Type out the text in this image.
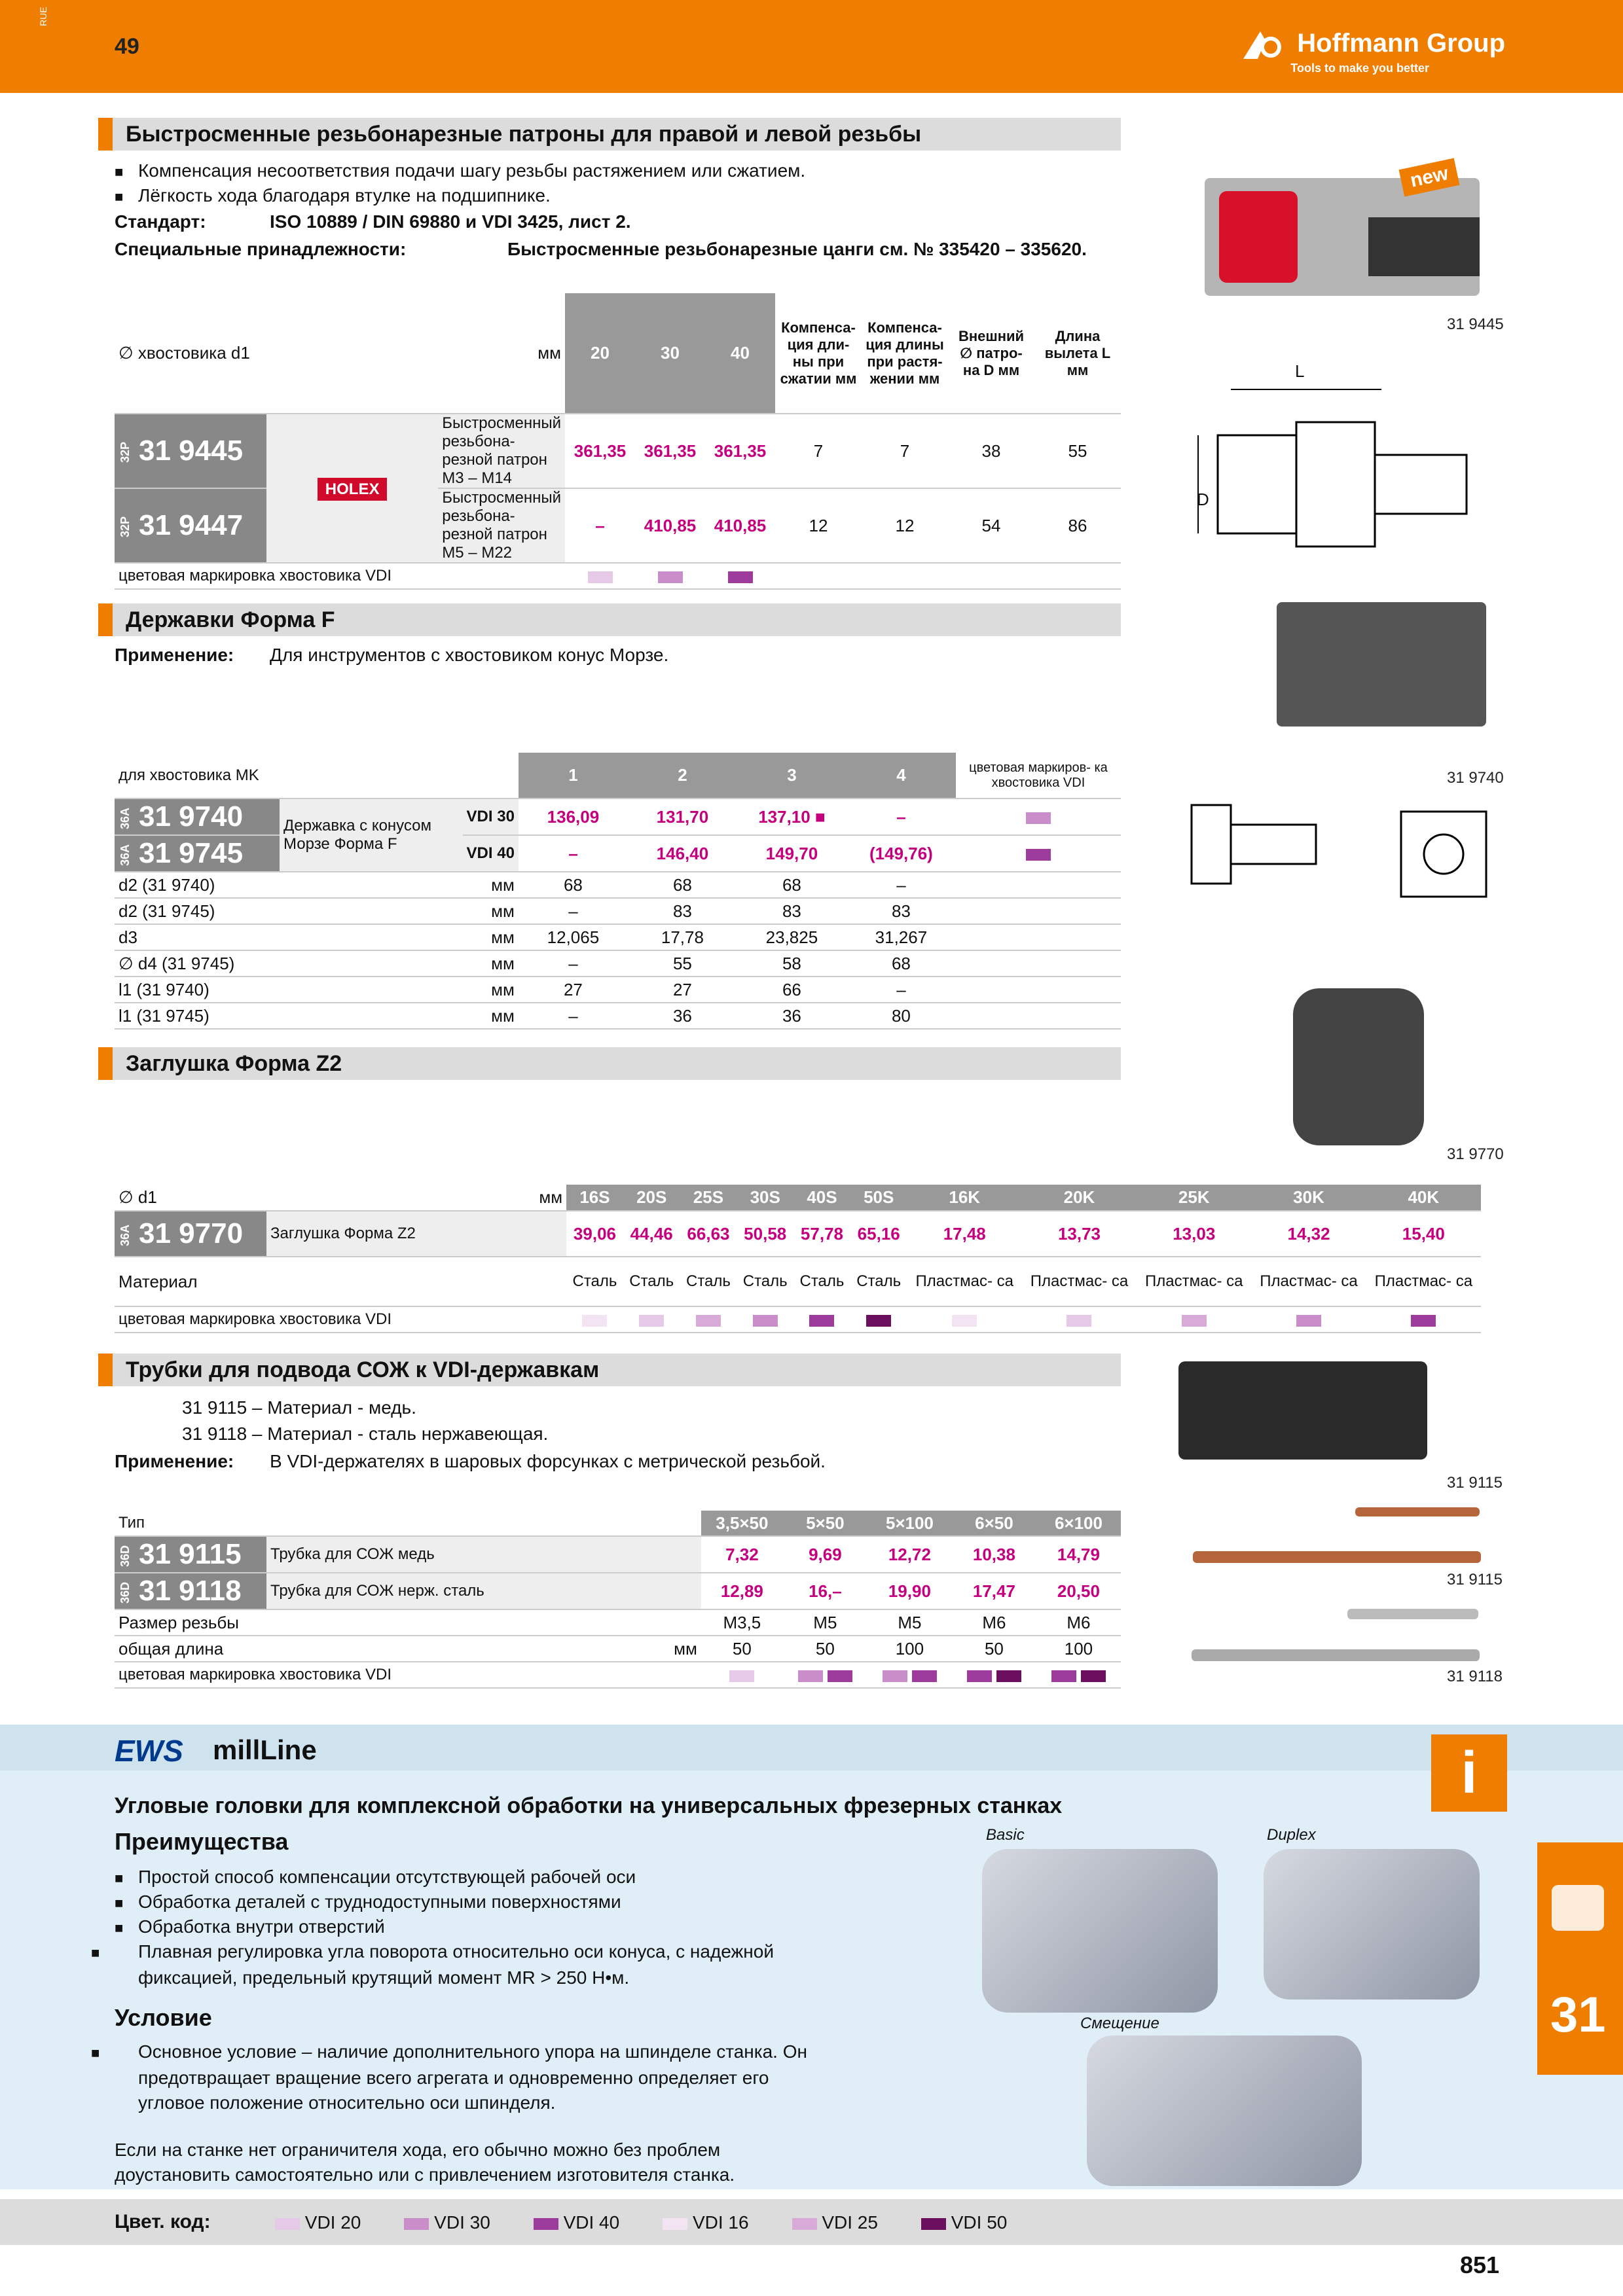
RUE
49	Hoffmann Group
Tools to make you better
Быстросменные резьбонарезные патроны для правой и левой резьбы
■ Компенсация несоответствия подачи шагу резьбы растяжением или сжатием.
■ Лёгкость хода благодаря втулке на подшипнике.
Стандарт:	ISO 10889 / DIN 69880 и VDI 3425, лист 2.
Специальные принадлежности:	Быстросменные резьбонарезные цанги см. № 335420 – 335620.
∅ хвостовика d1		мм	20	30	40	Компенса- ция дли- ны при сжатии мм	Компенса- ция длины при растя- жении мм	Внешний ∅ патро- на D мм	Длина вылета L мм
32P 31 9445	HOLEX	Быстросменный резьбона- резной патрон M3 – M14	361,35	361,35	361,35	7	7	38	55
32P 31 9447		Быстросменный резьбона- резной патрон M5 – M22	–	410,85	410,85	12	12	54	86
цветовая маркировка хвостовика VDI									
new
31 9445
L
D
Державки Форма F
Применение: Для инструментов с хвостовиком конус Морзе.
для хвостовика MK			1	2	3	4	цветовая маркиров- ка хвостовика VDI
36A 31 9740	Державка с конусом Морзе Форма F	VDI 30	136,09	131,70	137,10 ■	–	
36A 31 9745		VDI 40	–	146,40	149,70	(149,76)	
d2 (31 9740)		мм	68	68	68	–	
d2 (31 9745)		мм	–	83	83	83	
d3		мм	12,065	17,78	23,825	31,267	
∅ d4 (31 9745)		мм	–	55	58	68	
l1 (31 9740)		мм	27	27	66	–	
l1 (31 9745)		мм	–	36	36	80	
31 9740
Заглушка Форма Z2
31 9770
∅ d1	мм	16S	20S	25S	30S	40S	50S	16K	20K	25K	30K	40K
36A 31 9770	Заглушка Форма Z2	39,06	44,46	66,63	50,58	57,78	65,16	17,48	13,73	13,03	14,32	15,40
Материал		Сталь	Сталь	Сталь	Сталь	Сталь	Сталь	Пластмас- са	Пластмас- са	Пластмас- са	Пластмас- са	Пластмас- са
цветовая маркировка хвостовика VDI												
Трубки для подвода СОЖ к VDI-державкам
31 9115 – Материал - медь.
31 9118 – Материал - сталь нержавеющая.
Применение: В VDI-держателях в шаровых форсунках с метрической резьбой.
Тип		3,5×50	5×50	5×100	6×50	6×100
36D 31 9115	Трубка для СОЖ медь	7,32	9,69	12,72	10,38	14,79
36D 31 9118	Трубка для СОЖ нерж. сталь	12,89	16,–	19,90	17,47	20,50
Размер резьбы		M3,5	M5	M5	M6	M6
общая длина	мм	50	50	100	50	100
цветовая маркировка хвостовика VDI						
31 9115
31 9115
31 9118
EWS millLine	i
31
Угловые головки для комплексной обработки на универсальных фрезерных станках
Преимущества
■ Простой способ компенсации отсутствующей рабочей оси
■ Обработка деталей с труднодоступными поверхностями
■ Обработка внутри отверстий
■ Плавная регулировка угла поворота относительно оси конуса, с надежной фиксацией, предельный крутящий момент MR > 250 Н•м.
Условие
■ Основное условие – наличие дополнительного упора на шпинделе станка. Он предотвращает вращение всего агрегата и одновременно определяет его угловое положение относительно оси шпинделя.
Если на станке нет ограничителя хода, его обычно можно без проблем доустановить самостоятельно или с привлечением изготовителя станка.
Basic	Duplex
Смещение
Цвет. код:	VDI 20	VDI 30	VDI 40	VDI 16	VDI 25	VDI 50
851
